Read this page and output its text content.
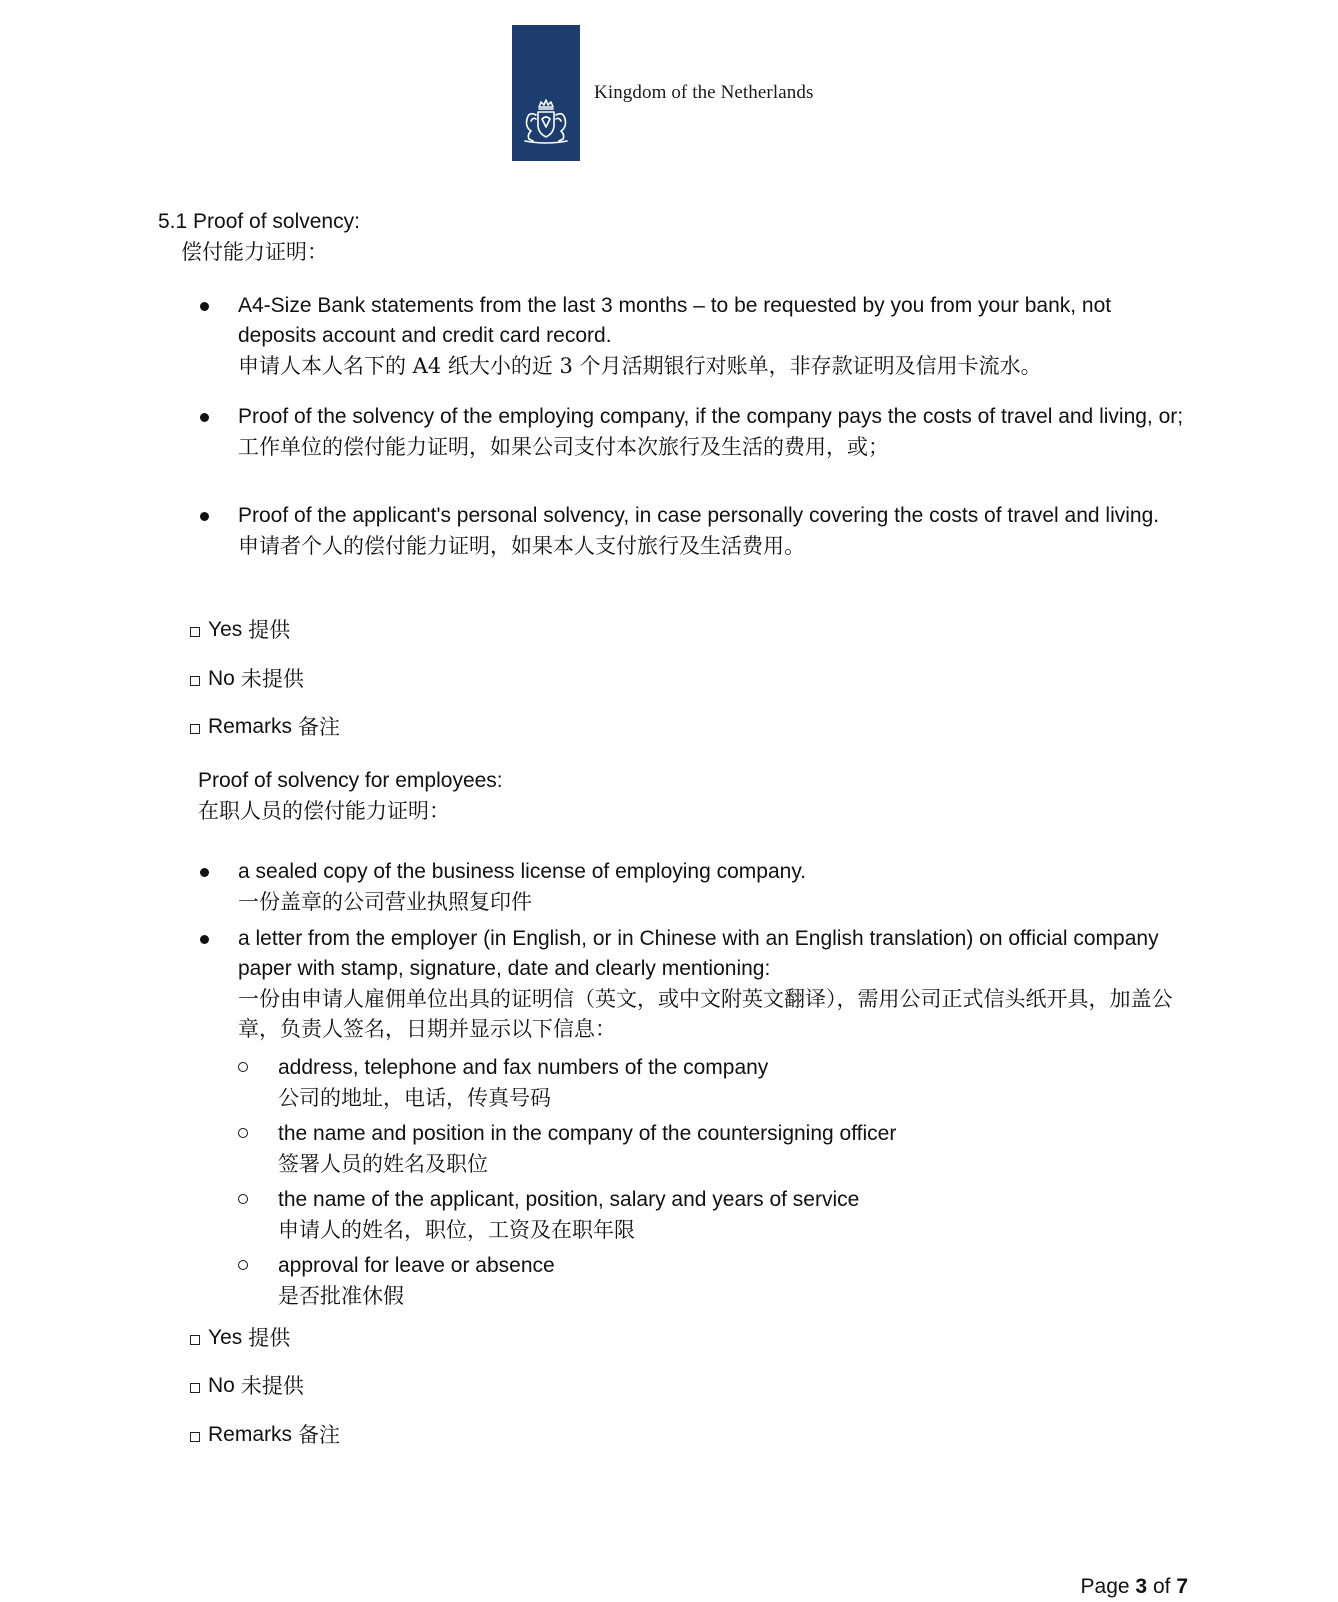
Kingdom of the Netherlands
5.1 Proof of solvency:
偿付能力证明：
A4-Size Bank statements from the last 3 months – to be requested by you from your bank, not deposits account and credit card record.
申请人本人名下的 A4 纸大小的近 3 个月活期银行对账单，非存款证明及信用卡流水。
Proof of the solvency of the employing company, if the company pays the costs of travel and living, or;
工作单位的偿付能力证明，如果公司支付本次旅行及生活的费用，或；
Proof of the applicant's personal solvency, in case personally covering the costs of travel and living.
申请者个人的偿付能力证明，如果本人支付旅行及生活费用。
Yes 提供
No 未提供
Remarks 备注
Proof of solvency for employees:
在职人员的偿付能力证明：
a sealed copy of the business license of employing company.
一份盖章的公司营业执照复印件
a letter from the employer (in English, or in Chinese with an English translation) on official company paper with stamp, signature, date and clearly mentioning:
一份由申请人雇佣单位出具的证明信（英文，或中文附英文翻译），需用公司正式信头纸开具，加盖公章，负责人签名，日期并显示以下信息：
address, telephone and fax numbers of the company
公司的地址，电话，传真号码
the name and position in the company of the countersigning officer
签署人员的姓名及职位
the name of the applicant, position, salary and years of service
申请人的姓名，职位，工资及在职年限
approval for leave or absence
是否批准休假
Yes 提供
No 未提供
Remarks 备注
Page 3 of 7
